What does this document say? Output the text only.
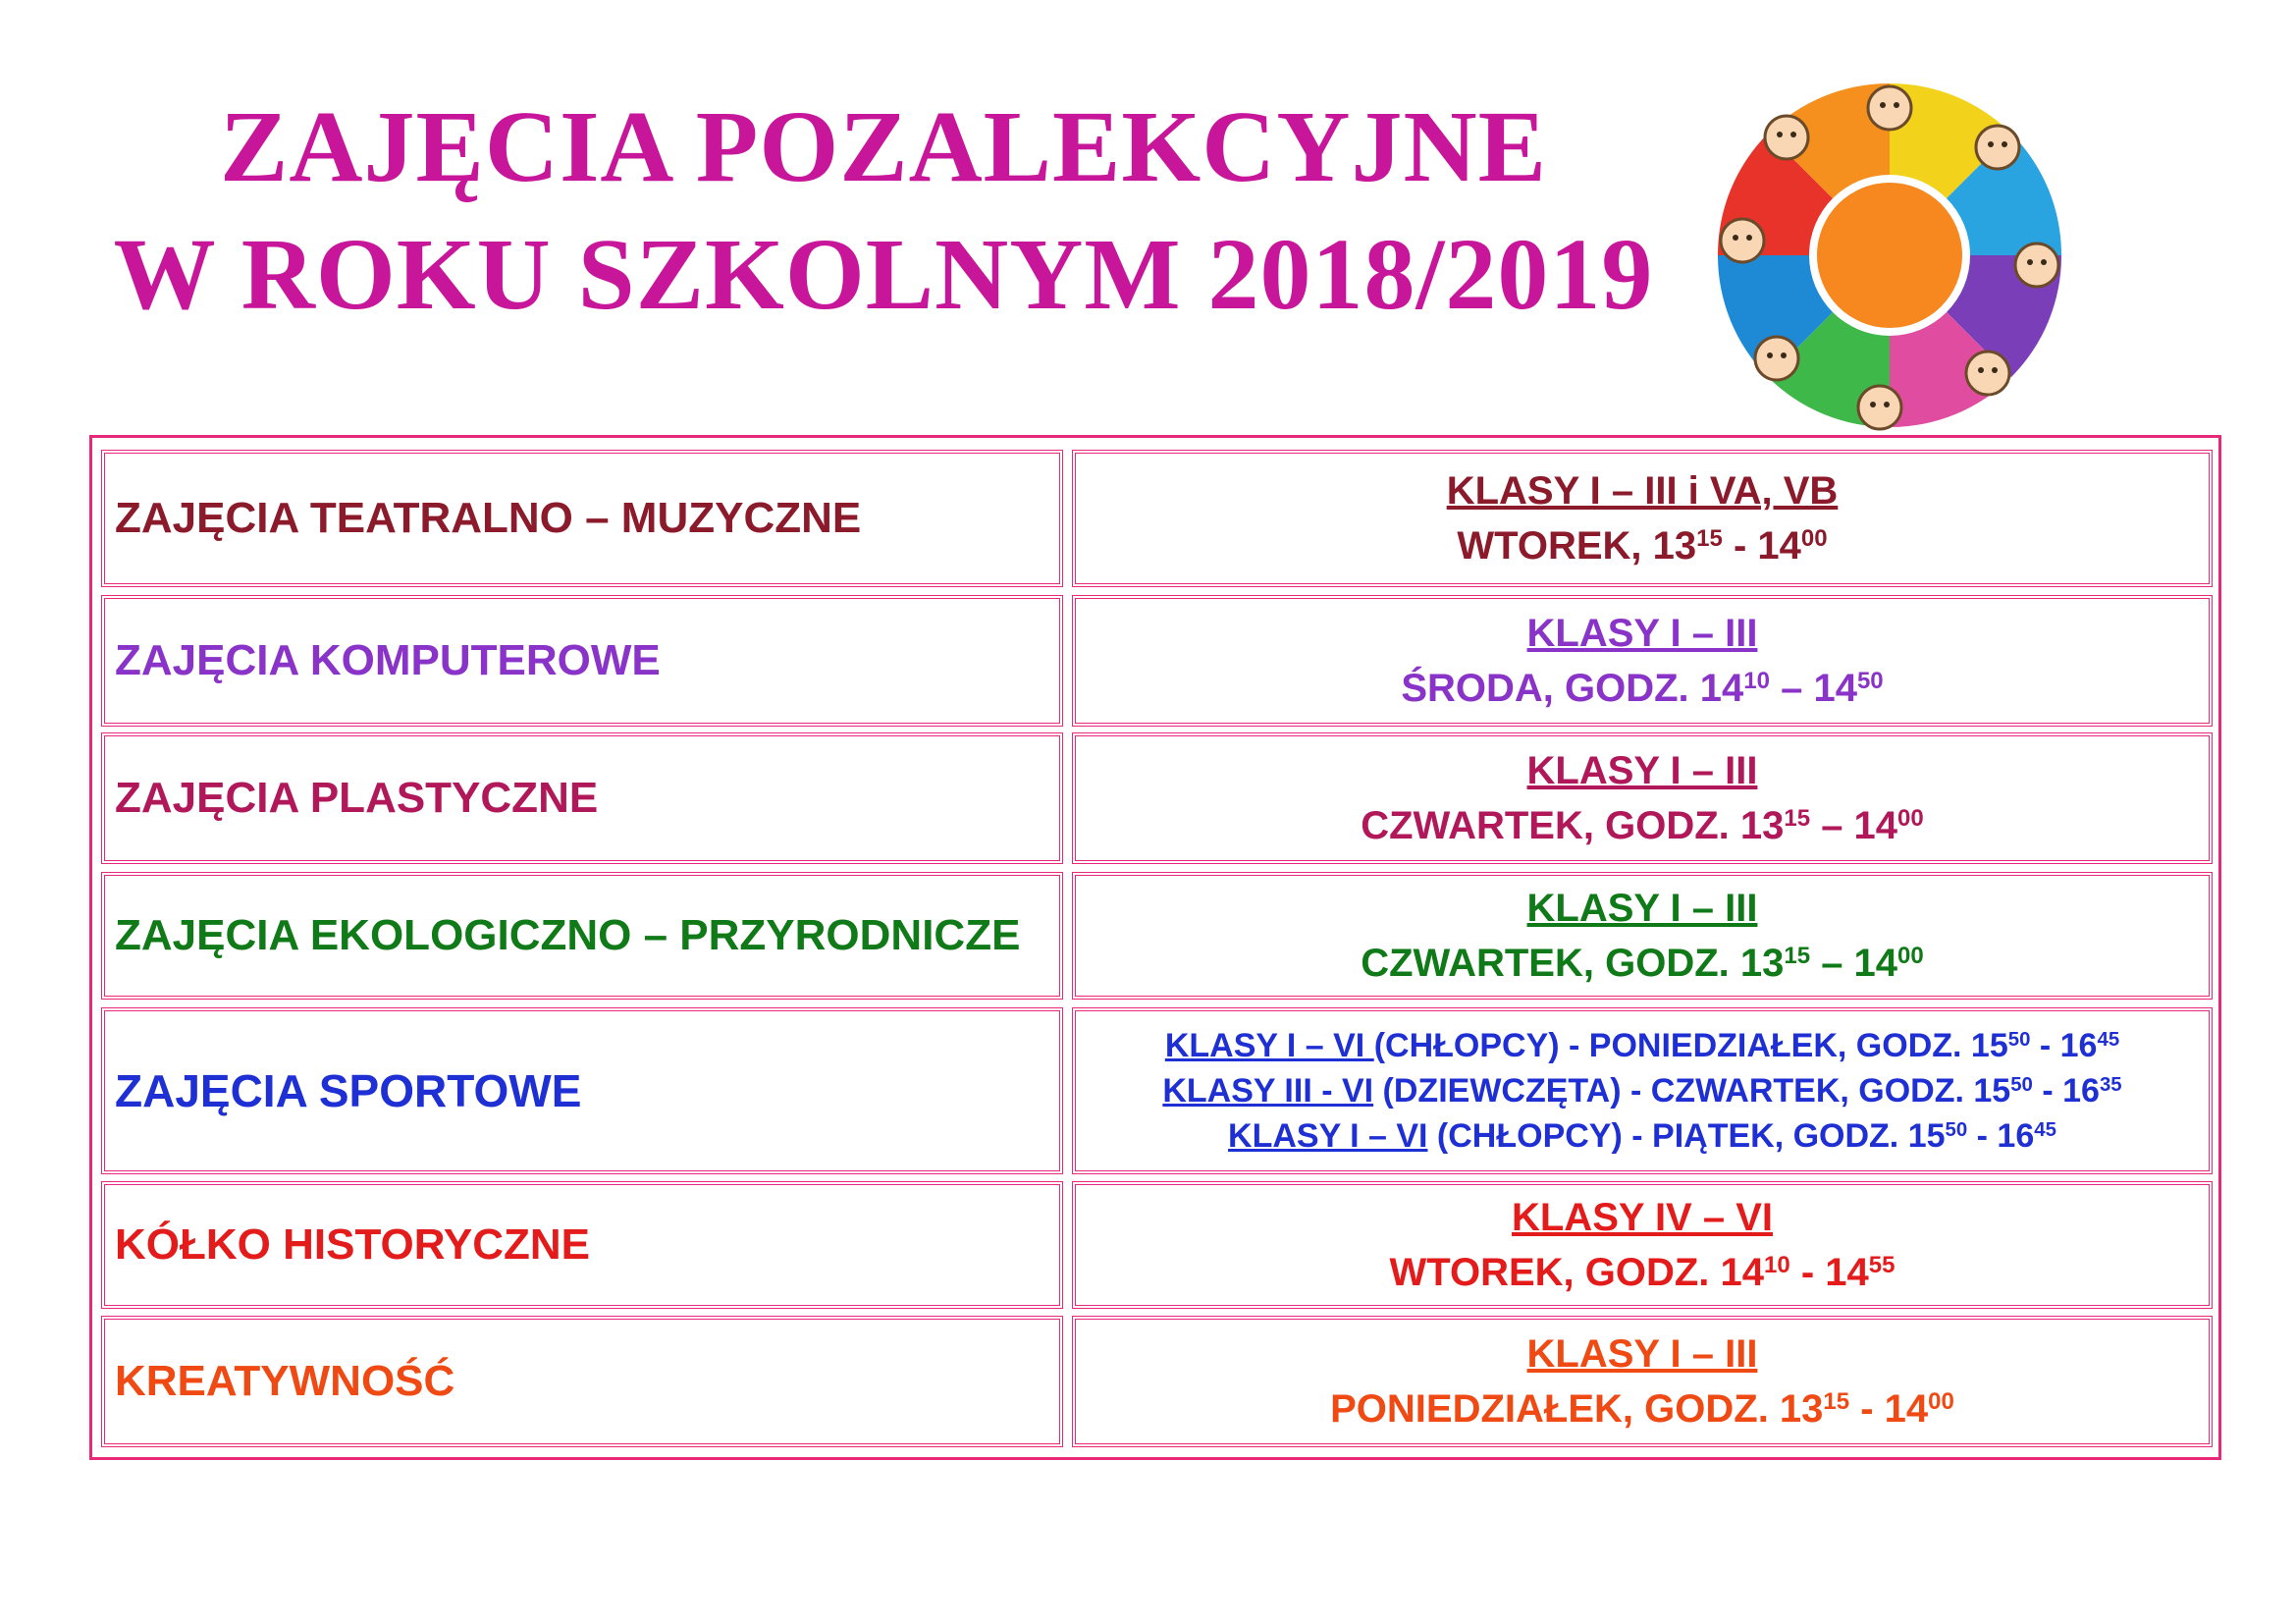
ZAJĘCIA POZALEKCYJNE
W ROKU SZKOLNYM 2018/2019
ZAJĘCIA TEATRALNO – MUZYCZNE
KLASY I – III i VA, VB
WTOREK, $13^{15} - 14^{00}$
ZAJĘCIA KOMPUTEROWE
KLASY I – III
ŚRODA, GODZ. $14^{10} - 14^{50}$
ZAJĘCIA PLASTYCZNE
KLASY I – III
CZWARTEK, GODZ. $13^{15} - 14^{00}$
ZAJĘCIA EKOLOGICZNO – PRZYRODNICZE
KLASY I – III
CZWARTEK, GODZ. $13^{15} - 14^{00}$
ZAJĘCIA SPORTOWE
KLASY I – VI (CHŁOPCY) - PONIEDZIAŁEK, GODZ. $15^{50} - 16^{45}$
KLASY III - VI (DZIEWCZĘTA) - CZWARTEK, GODZ. $15^{50} - 16^{35}$
KLASY I – VI (CHŁOPCY) - PIĄTEK, GODZ. $15^{50} - 16^{45}$
KÓŁKO HISTORYCZNE
KLASY IV – VI
WTOREK, GODZ. $14^{10} - 14^{55}$
KREATYWNOŚĆ
KLASY I – III
PONIEDZIAŁEK, GODZ. $13^{15} - 14^{00}$
